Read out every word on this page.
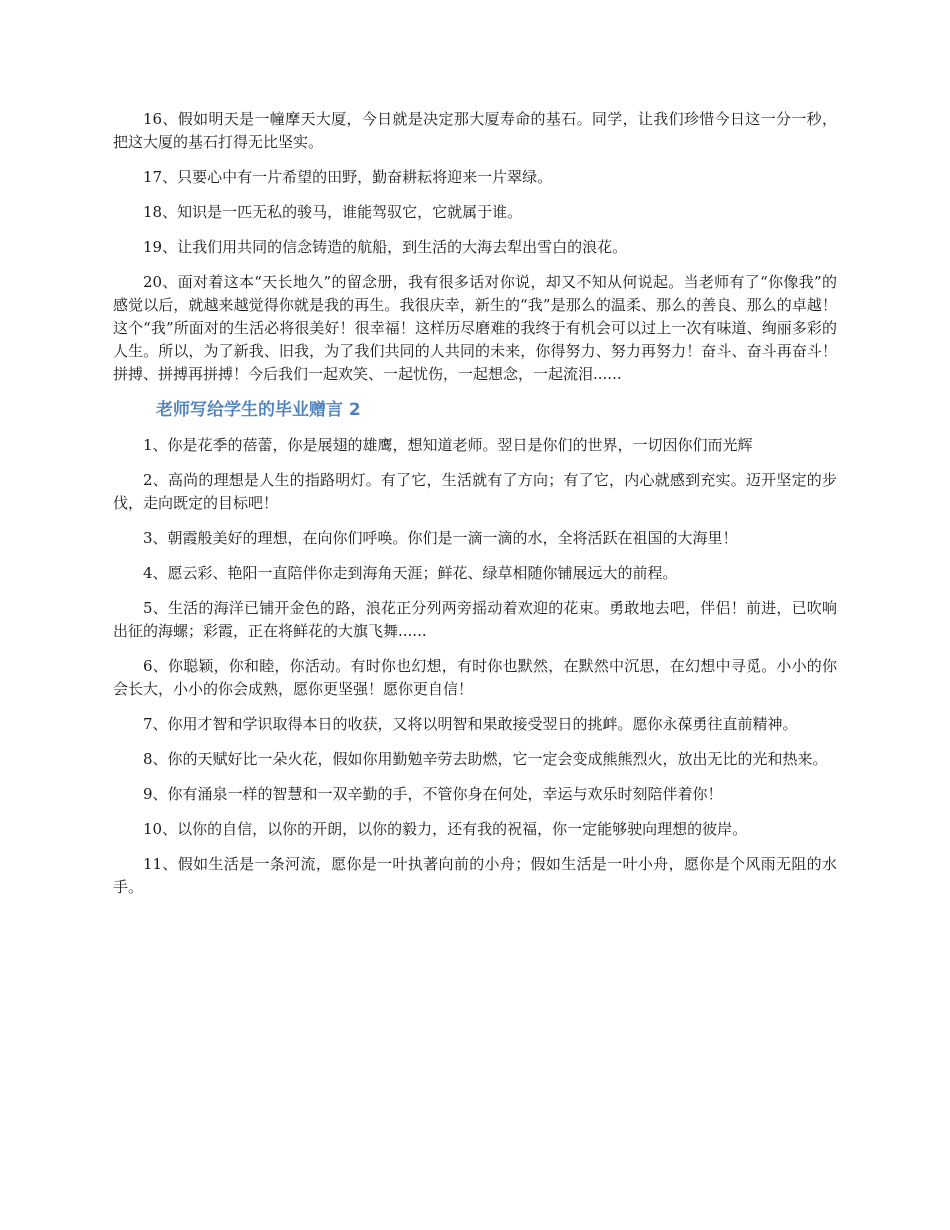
16、假如明天是一幢摩天大厦，今日就是决定那大厦寿命的基石。同学，让我们珍惜今日这一分一秒，把这大厦的基石打得无比坚实。

17、只要心中有一片希望的田野，勤奋耕耘将迎来一片翠绿。

18、知识是一匹无私的骏马，谁能驾驭它，它就属于谁。

19、让我们用共同的信念铸造的航船，到生活的大海去犁出雪白的浪花。

20、面对着这本“天长地久”的留念册，我有很多话对你说，却又不知从何说起。当老师有了“你像我”的感觉以后，就越来越觉得你就是我的再生。我很庆幸，新生的“我”是那么的温柔、那么的善良、那么的卓越！这个“我”所面对的生活必将很美好！很幸福！这样历尽磨难的我终于有机会可以过上一次有味道、绚丽多彩的人生。所以，为了新我、旧我，为了我们共同的人共同的未来，你得努力、努力再努力！奋斗、奋斗再奋斗！拼搏、拼搏再拼搏！今后我们一起欢笑、一起忧伤，一起想念，一起流泪......

老师写给学生的毕业赠言 2

1、你是花季的蓓蕾，你是展翅的雄鹰，想知道老师。翌日是你们的世界，一切因你们而光辉

2、高尚的理想是人生的指路明灯。有了它，生活就有了方向；有了它，内心就感到充实。迈开坚定的步伐，走向既定的目标吧！

3、朝霞般美好的理想，在向你们呼唤。你们是一滴一滴的水，全将活跃在祖国的大海里！

4、愿云彩、艳阳一直陪伴你走到海角天涯；鲜花、绿草相随你铺展远大的前程。

5、生活的海洋已铺开金色的路，浪花正分列两旁摇动着欢迎的花束。勇敢地去吧，伴侣！前进，已吹响出征的海螺；彩霞，正在将鲜花的大旗飞舞......

6、你聪颖，你和睦，你活动。有时你也幻想，有时你也默然，在默然中沉思，在幻想中寻觅。小小的你会长大，小小的你会成熟，愿你更坚强！愿你更自信！

7、你用才智和学识取得本日的收获，又将以明智和果敢接受翌日的挑衅。愿你永葆勇往直前精神。

8、你的天赋好比一朵火花，假如你用勤勉辛劳去助燃，它一定会变成熊熊烈火，放出无比的光和热来。

9、你有涌泉一样的智慧和一双辛勤的手，不管你身在何处，幸运与欢乐时刻陪伴着你！

10、以你的自信，以你的开朗，以你的毅力，还有我的祝福，你一定能够驶向理想的彼岸。

11、假如生活是一条河流，愿你是一叶执著向前的小舟；假如生活是一叶小舟，愿你是个风雨无阻的水手。
